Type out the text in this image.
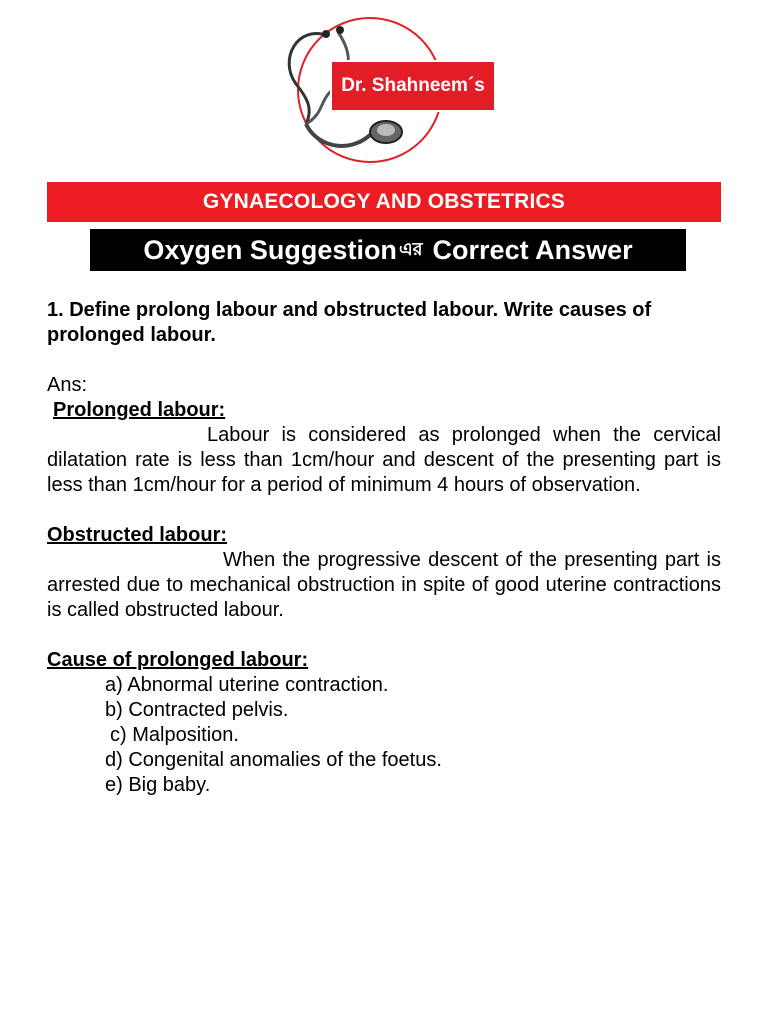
Dr. Shahneem´s
GYNAECOLOGY AND OBSTETRICS
Oxygen Suggestion এর Correct Answer

1. Define prolong labour and obstructed labour. Write causes of prolonged labour.

Ans:

Prolonged labour:

Labour is considered as prolonged when the cervical dilatation rate is less than 1cm/hour and descent of the presenting part is less than 1cm/hour for a period of minimum 4 hours of observation.

Obstructed labour:

When the progressive descent of the presenting part is arrested due to mechanical obstruction in spite of good uterine contractions is called obstructed labour.

Cause of prolonged labour:

a) Abnormal uterine contraction.
b) Contracted pelvis.
c) Malposition.
d) Congenital anomalies of the foetus.
e) Big baby.
